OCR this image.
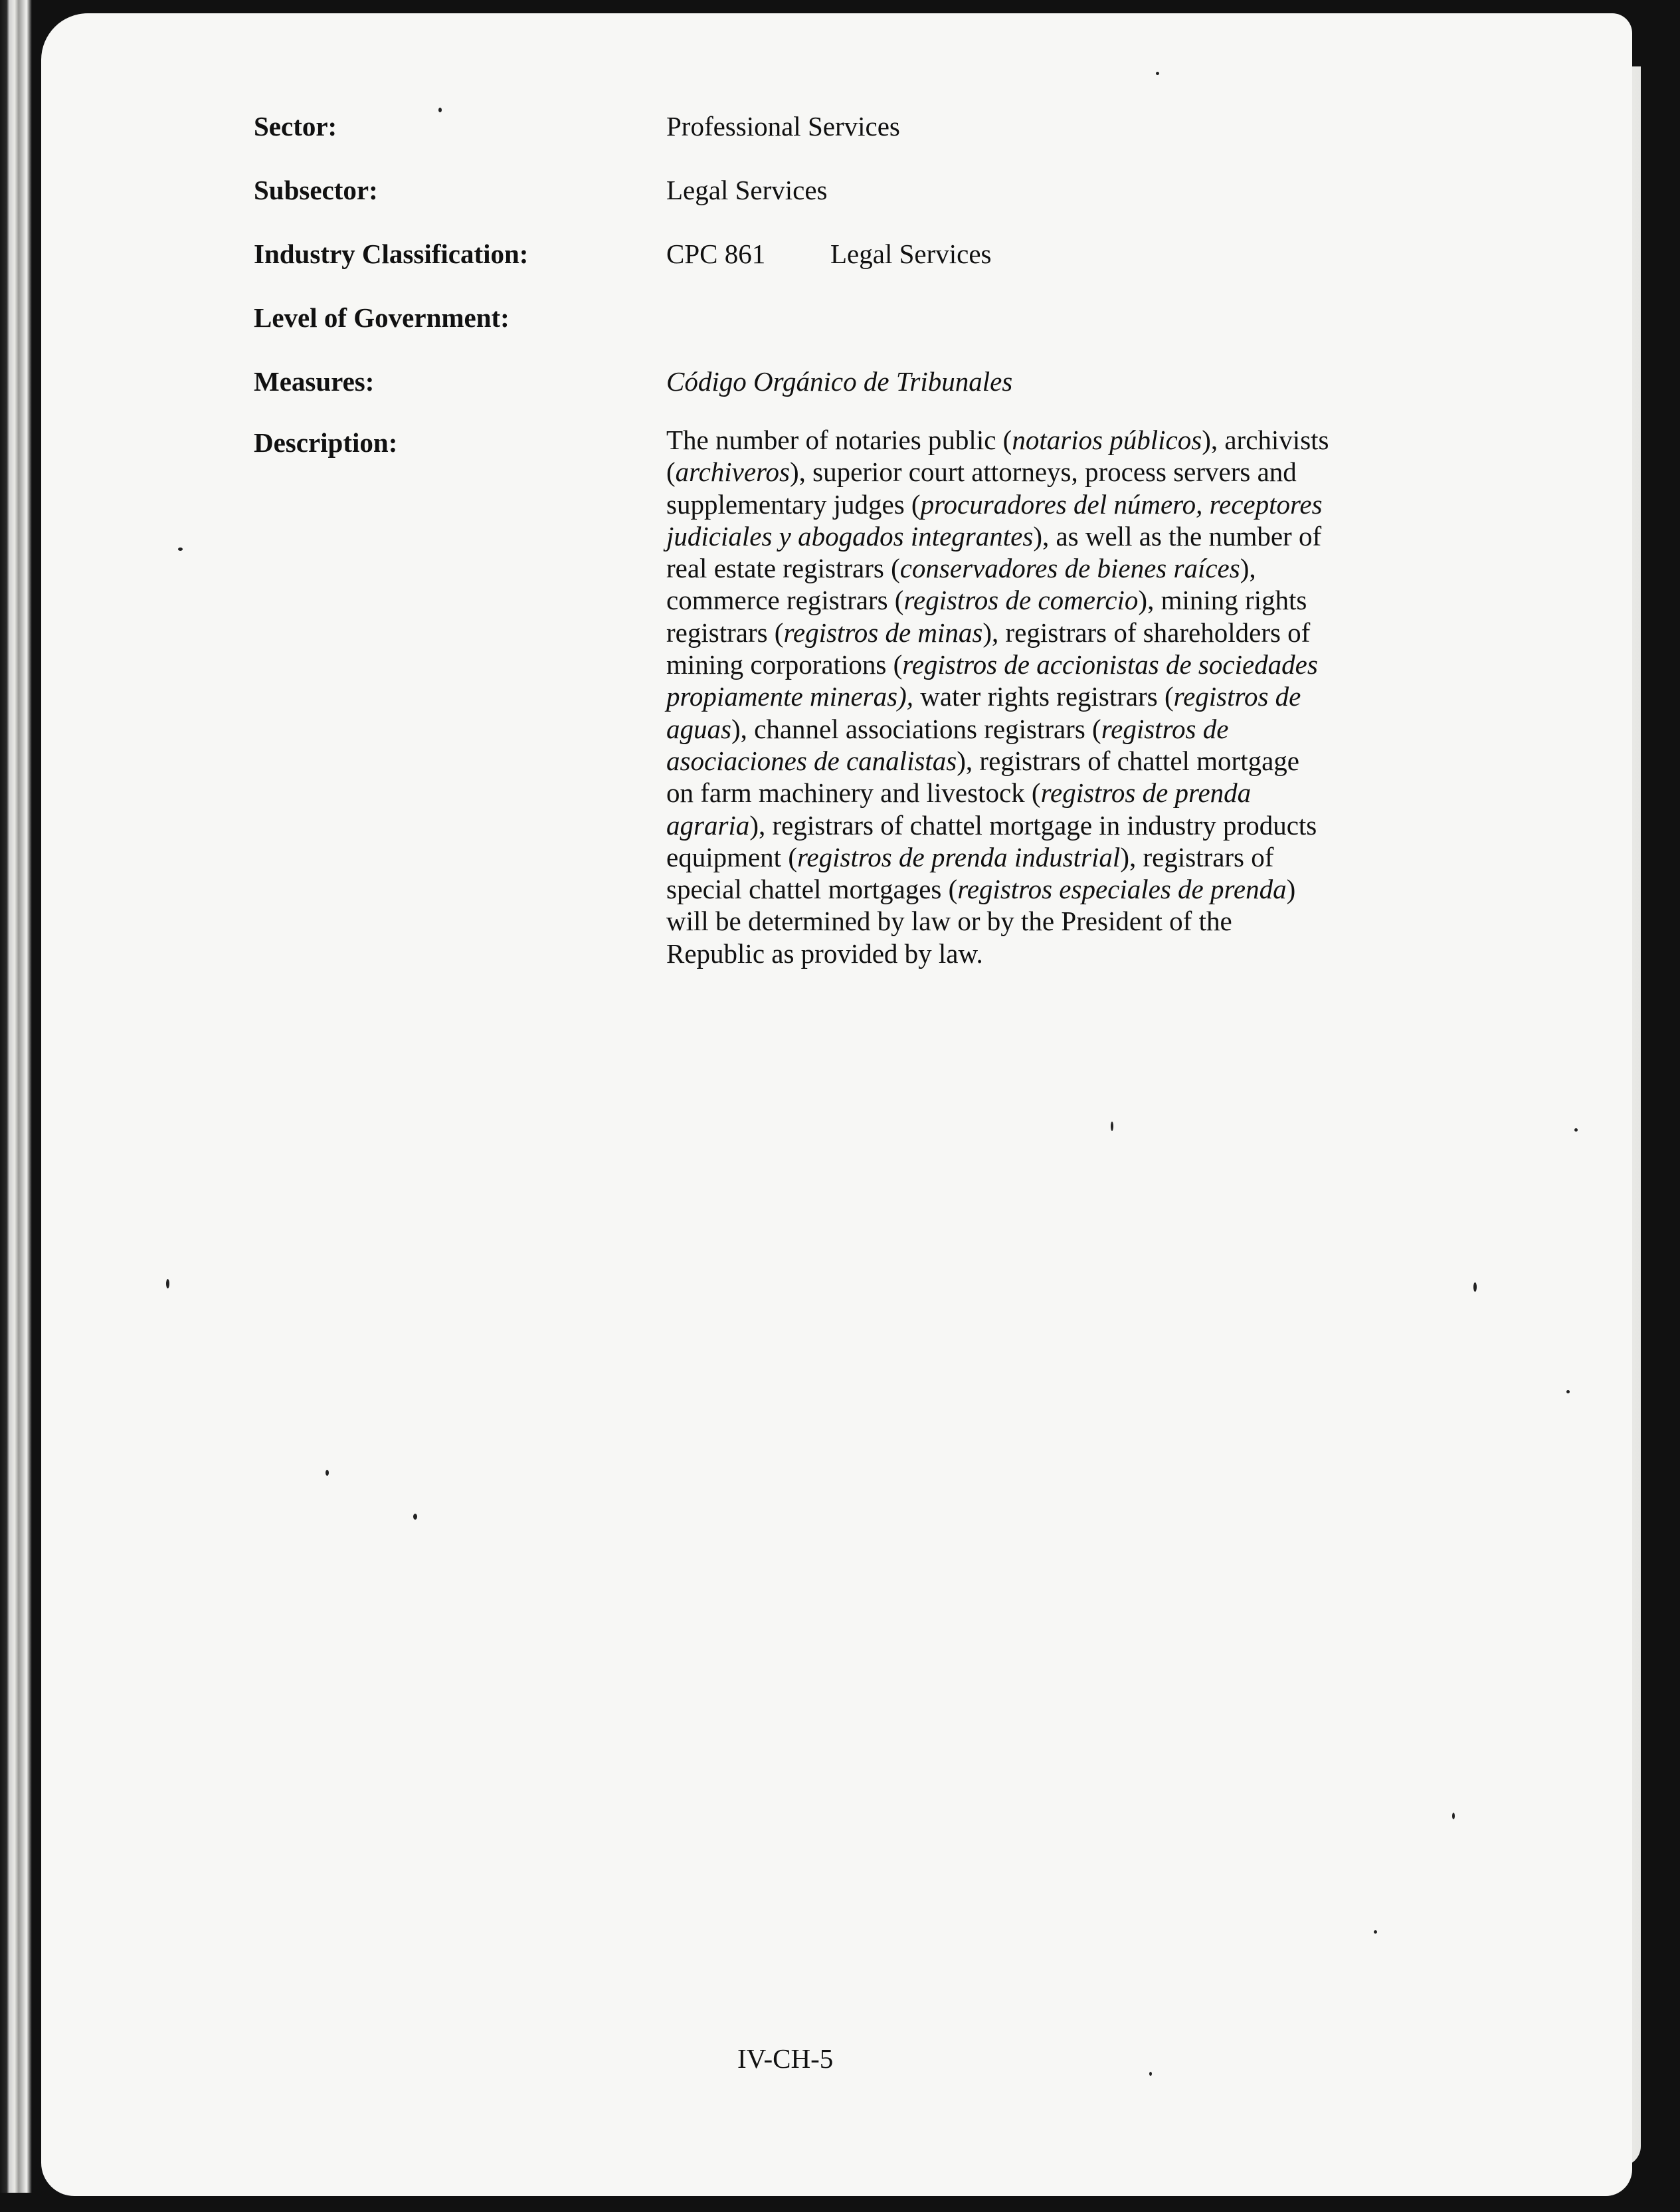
Sector:	Professional Services
Subsector:	Legal Services
Industry Classification:	CPC 861 Legal Services
Level of Government:
Measures:	Código Orgánico de Tribunales
Description:	The number of notaries public (notarios públicos), archivists (archiveros), superior court attorneys, process servers and supplementary judges (procuradores del número, receptores judiciales y abogados integrantes), as well as the number of real estate registrars (conservadores de bienes raíces), commerce registrars (registros de comercio), mining rights registrars (registros de minas), registrars of shareholders of mining corporations (registros de accionistas de sociedades propiamente mineras), water rights registrars (registros de aguas), channel associations registrars (registros de asociaciones de canalistas), registrars of chattel mortgage on farm machinery and livestock (registros de prenda agraria), registrars of chattel mortgage in industry products equipment (registros de prenda industrial), registrars of special chattel mortgages (registros especiales de prenda) will be determined by law or by the President of the Republic as provided by law.
IV-CH-5
